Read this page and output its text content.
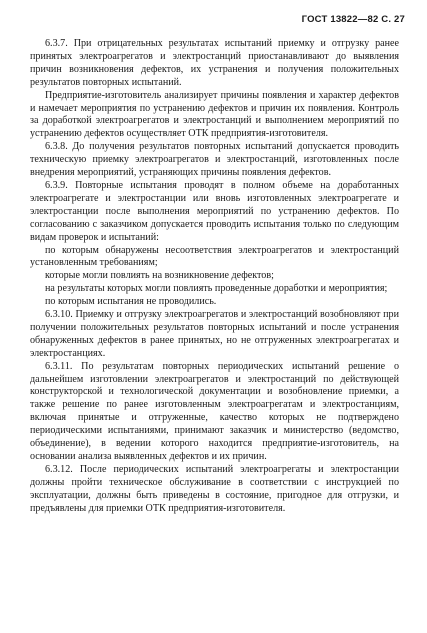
ГОСТ 13822—82 С. 27

6.3.7. При отрицательных результатах испытаний приемку и отгрузку ранее принятых электроагрегатов и электростанций приостанавливают до выявления причин возникновения дефектов, их устранения и получения положительных результатов повторных испытаний.

Предприятие-изготовитель анализирует причины появления и характер дефектов и намечает мероприятия по устранению дефектов и причин их появления. Контроль за доработкой электроагрегатов и электростанций и выполнением мероприятий по устранению дефектов осуществляет ОТК предприятия-изготовителя.

6.3.8. До получения результатов повторных испытаний допускается проводить техническую приемку электроагрегатов и электростанций, изготовленных после внедрения мероприятий, устраняющих причины появления дефектов.

6.3.9. Повторные испытания проводят в полном объеме на доработанных электроагрегате и электростанции или вновь изготовленных электроагрегате и электростанции после выполнения мероприятий по устранению дефектов. По согласованию с заказчиком допускается проводить испытания только по следующим видам проверок и испытаний:

по которым обнаружены несоответствия электроагрегатов и электростанций установленным требованиям;

которые могли повлиять на возникновение дефектов;

на результаты которых могли повлиять проведенные доработки и мероприятия;

по которым испытания не проводились.

6.3.10. Приемку и отгрузку электроагрегатов и электростанций возобновляют при получении положительных результатов повторных испытаний и после устранения обнаруженных дефектов в ранее принятых, но не отгруженных электроагрегатах и электростанциях.

6.3.11. По результатам повторных периодических испытаний решение о дальнейшем изготовлении электроагрегатов и электростанций по действующей конструкторской и технологической документации и возобновление приемки, а также решение по ранее изготовленным электроагрегатам и электростанциям, включая принятые и отгруженные, качество которых не подтверждено периодическими испытаниями, принимают заказчик и министерство (ведомство, объединение), в ведении которого находится предприятие-изготовитель, на основании анализа выявленных дефектов и их причин.

6.3.12. После периодических испытаний электроагрегаты и электростанции должны пройти техническое обслуживание в соответствии с инструкцией по эксплуатации, должны быть приведены в состояние, пригодное для отгрузки, и предъявлены для приемки ОТК предприятия-изготовителя.
